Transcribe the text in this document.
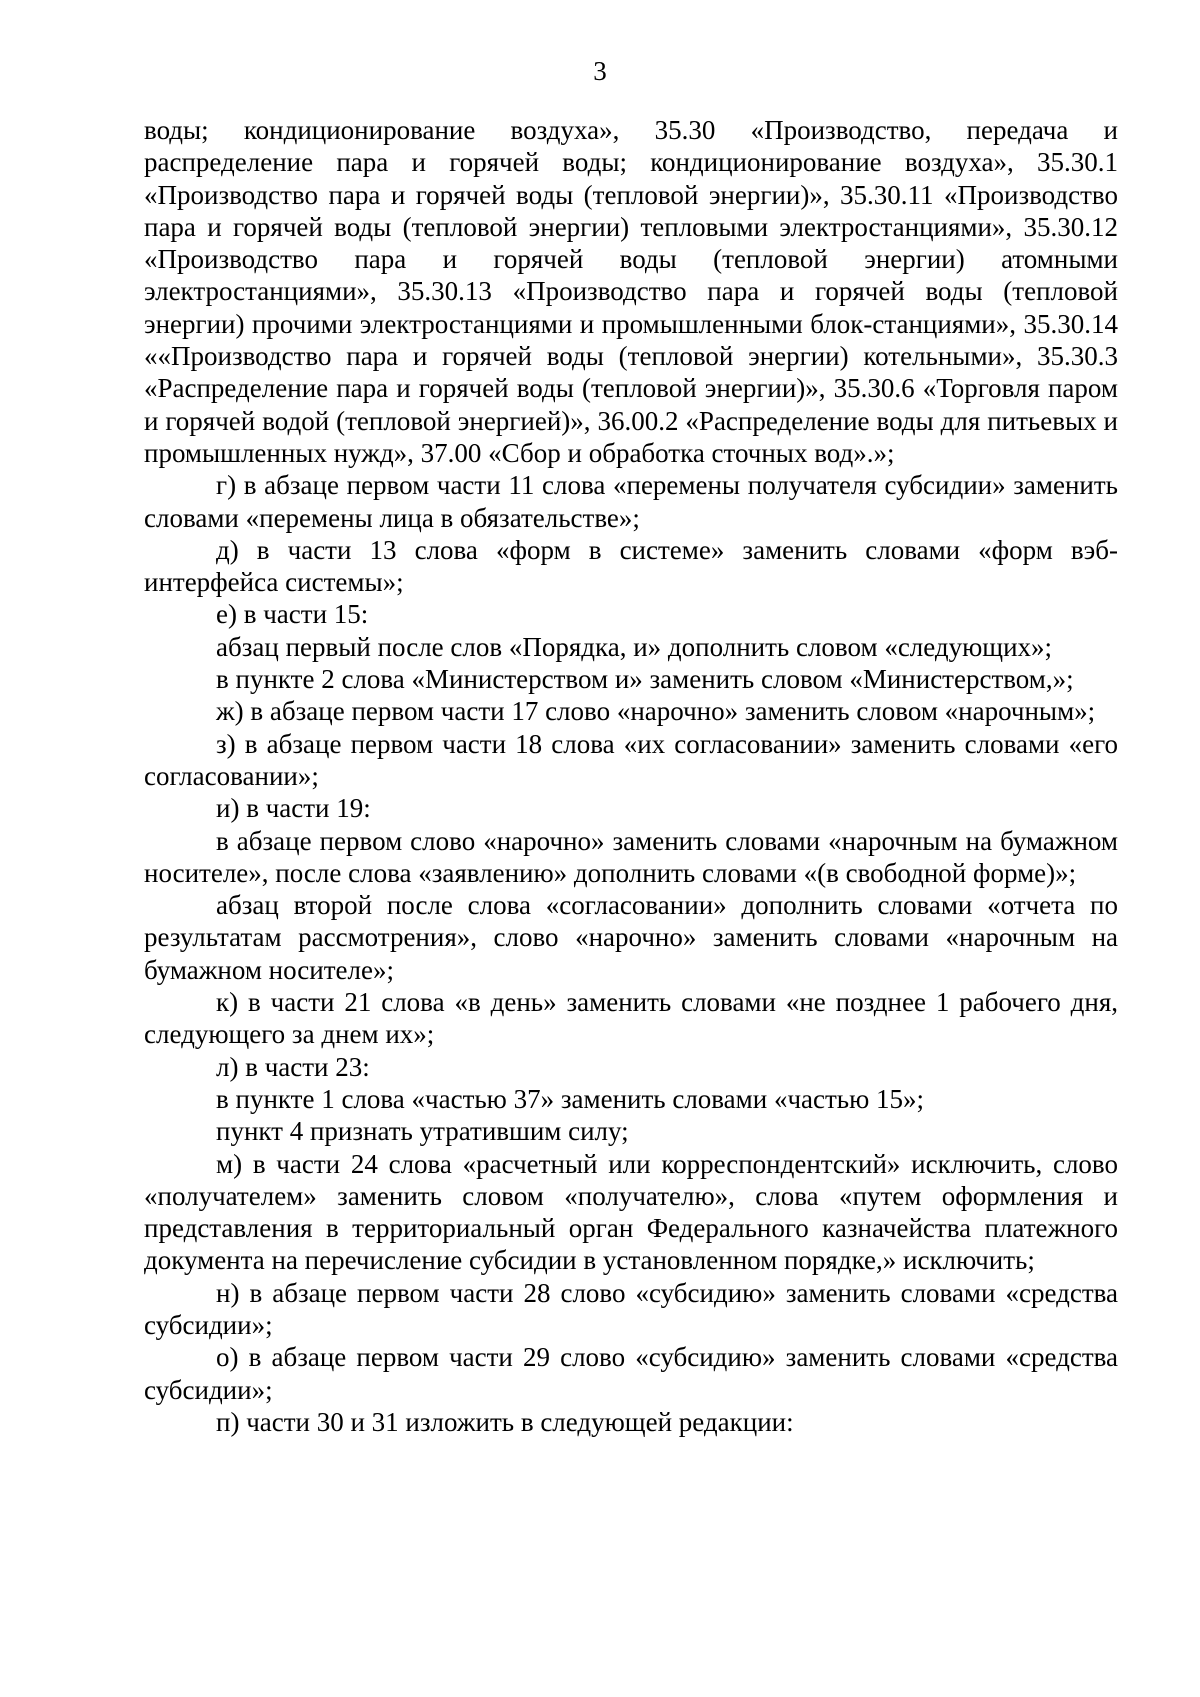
3

воды; кондиционирование воздуха», 35.30 «Производство, передача и распределение пара и горячей воды; кондиционирование воздуха», 35.30.1 «Производство пара и горячей воды (тепловой энергии)», 35.30.11 «Производство пара и горячей воды (тепловой энергии) тепловыми электростанциями», 35.30.12 «Производство пара и горячей воды (тепловой энергии) атомными электростанциями», 35.30.13 «Производство пара и горячей воды (тепловой энергии) прочими электростанциями и промышленными блок-станциями», 35.30.14 ««Производство пара и горячей воды (тепловой энергии) котельными», 35.30.3 «Распределение пара и горячей воды (тепловой энергии)», 35.30.6 «Торговля паром и горячей водой (тепловой энергией)», 36.00.2 «Распределение воды для питьевых и промышленных нужд», 37.00 «Сбор и обработка сточных вод».»;

г) в абзаце первом части 11 слова «перемены получателя субсидии» заменить словами «перемены лица в обязательстве»;

д) в части 13 слова «форм в системе» заменить словами «форм вэб-интерфейса системы»;

е) в части 15:

абзац первый после слов «Порядка, и» дополнить словом «следующих»;

в пункте 2 слова «Министерством и» заменить словом «Министерством,»;

ж) в абзаце первом части 17 слово «нарочно» заменить словом «нарочным»;

з) в абзаце первом части 18 слова «их согласовании» заменить словами «его согласовании»;

и) в части 19:

в абзаце первом слово «нарочно» заменить словами «нарочным на бумажном носителе», после слова «заявлению» дополнить словами «(в свободной форме)»;

абзац второй после слова «согласовании» дополнить словами «отчета по результатам рассмотрения», слово «нарочно» заменить словами «нарочным на бумажном носителе»;

к) в части 21 слова «в день» заменить словами «не позднее 1 рабочего дня, следующего за днем их»;

л) в части 23:

в пункте 1 слова «частью 37» заменить словами «частью 15»;

пункт 4 признать утратившим силу;

м) в части 24 слова «расчетный или корреспондентский» исключить, слово «получателем» заменить словом «получателю», слова «путем оформления и представления в территориальный орган Федерального казначейства платежного документа на перечисление субсидии в установленном порядке,» исключить;

н) в абзаце первом части 28 слово «субсидию» заменить словами «средства субсидии»;

о) в абзаце первом части 29 слово «субсидию» заменить словами «средства субсидии»;

п) части 30 и 31 изложить в следующей редакции:
